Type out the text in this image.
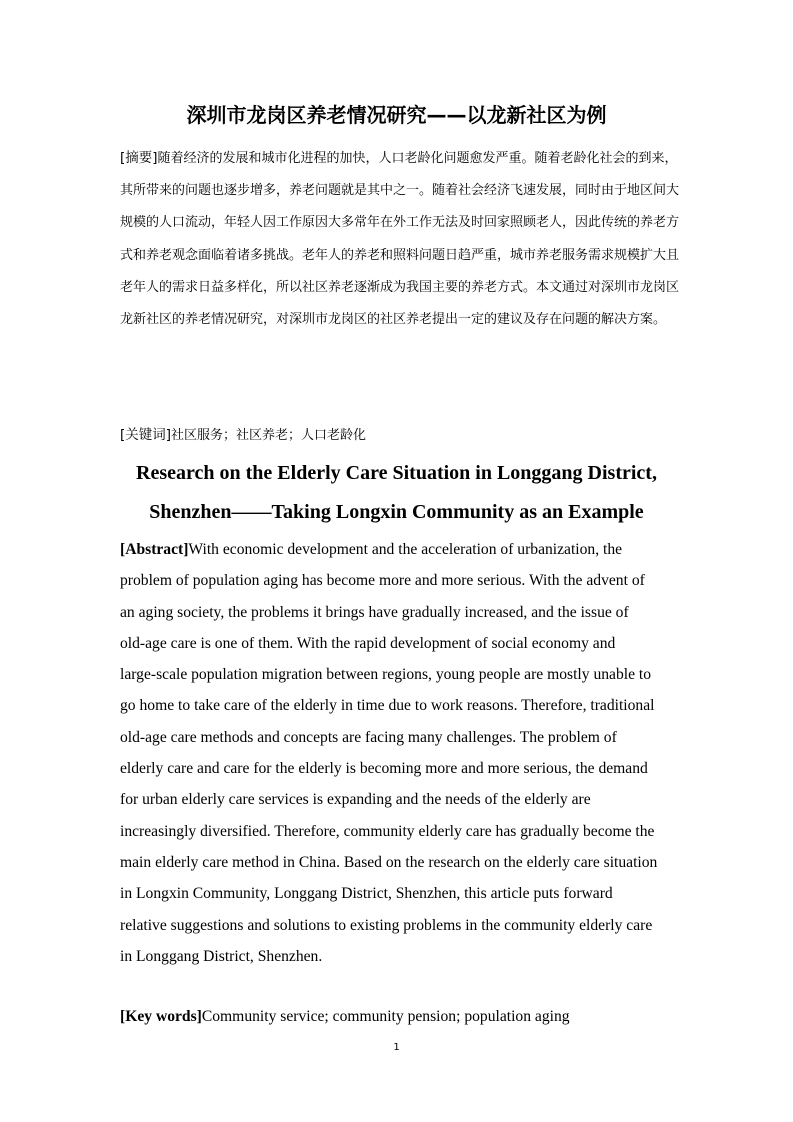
深圳市龙岗区养老情况研究——以龙新社区为例

[摘要]随着经济的发展和城市化进程的加快，人口老龄化问题愈发严重。随着老龄化社会的到来，其所带来的问题也逐步增多，养老问题就是其中之一。随着社会经济飞速发展，同时由于地区间大规模的人口流动，年轻人因工作原因大多常年在外工作无法及时回家照顾老人，因此传统的养老方式和养老观念面临着诸多挑战。老年人的养老和照料问题日趋严重，城市养老服务需求规模扩大且老年人的需求日益多样化，所以社区养老逐渐成为我国主要的养老方式。本文通过对深圳市龙岗区龙新社区的养老情况研究，对深圳市龙岗区的社区养老提出一定的建议及存在问题的解决方案。

[关键词]社区服务；社区养老；人口老龄化

Research on the Elderly Care Situation in Longgang District,
Shenzhen——Taking Longxin Community as an Example

[Abstract]With economic development and the acceleration of urbanization, the
problem of population aging has become more and more serious. With the advent of
an aging society, the problems it brings have gradually increased, and the issue of
old-age care is one of them. With the rapid development of social economy and
large-scale population migration between regions, young people are mostly unable to
go home to take care of the elderly in time due to work reasons. Therefore, traditional
old-age care methods and concepts are facing many challenges. The problem of
elderly care and care for the elderly is becoming more and more serious, the demand
for urban elderly care services is expanding and the needs of the elderly are
increasingly diversified. Therefore, community elderly care has gradually become the
main elderly care method in China. Based on the research on the elderly care situation
in Longxin Community, Longgang District, Shenzhen, this article puts forward
relative suggestions and solutions to existing problems in the community elderly care
in Longgang District, Shenzhen.

[Key words]Community service; community pension; population aging

1
